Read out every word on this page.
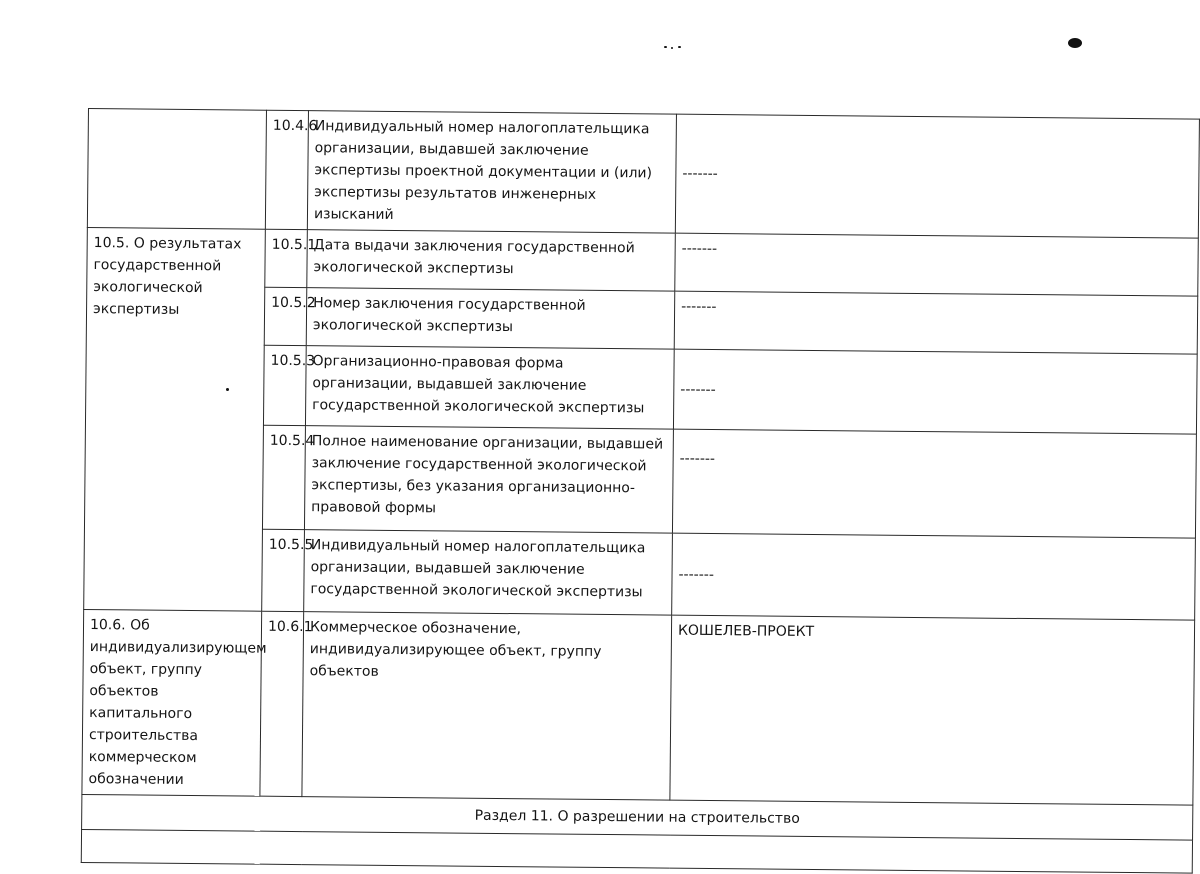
	10.4.6	Индивидуальный номер налогоплательщика организации, выдавшей заключение экспертизы проектной документации и (или) экспертизы результатов инженерных изысканий	-------
10.5. О результатах государственной экологической экспертизы	10.5.1	Дата выдачи заключения государственной экологической экспертизы	-------
	10.5.2	Номер заключения государственной экологической экспертизы	-------
	10.5.3	Организационно-правовая форма организации, выдавшей заключение государственной экологической экспертизы	-------
	10.5.4	Полное наименование организации, выдавшей заключение государственной экологической экспертизы, без указания организационно-правовой формы	-------
	10.5.5	Индивидуальный номер налогоплательщика организации, выдавшей заключение государственной экологической экспертизы	-------
10.6. Об индивидуализирующем объект, группу объектов капитального строительства коммерческом обозначении	10.6.1	Коммерческое обозначение, индивидуализирующее объект, группу объектов	КОШЕЛЕВ-ПРОЕКТ
Раздел 11. О разрешении на строительство			
